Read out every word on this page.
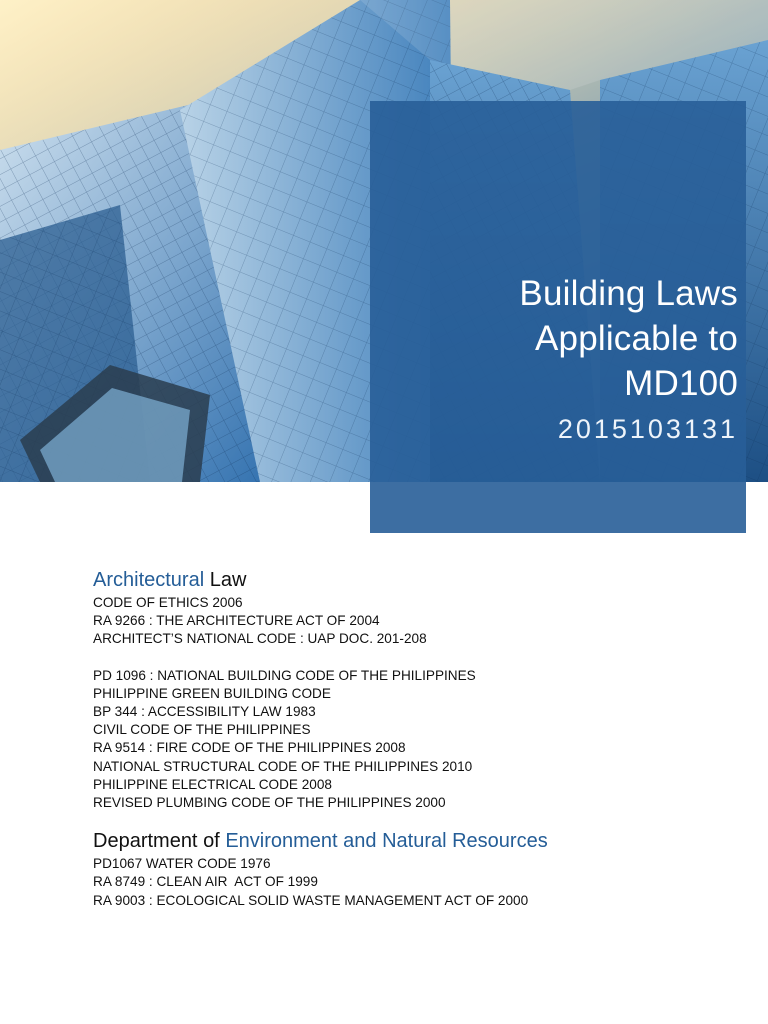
Building Laws
Applicable to
MD100
2015103131

Architectural Law

CODE OF ETHICS 2006

RA 9266 : THE ARCHITECTURE ACT OF 2004

ARCHITECT’S NATIONAL CODE : UAP DOC. 201-208

PD 1096 : NATIONAL BUILDING CODE OF THE PHILIPPINES

PHILIPPINE GREEN BUILDING CODE

BP 344 : ACCESSIBILITY LAW 1983

CIVIL CODE OF THE PHILIPPINES

RA 9514 : FIRE CODE OF THE PHILIPPINES 2008

NATIONAL STRUCTURAL CODE OF THE PHILIPPINES 2010

PHILIPPINE ELECTRICAL CODE 2008

REVISED PLUMBING CODE OF THE PHILIPPINES 2000

Department of Environment and Natural Resources

PD1067 WATER CODE 1976

RA 8749 : CLEAN AIR  ACT OF 1999

RA 9003 : ECOLOGICAL SOLID WASTE MANAGEMENT ACT OF 2000
